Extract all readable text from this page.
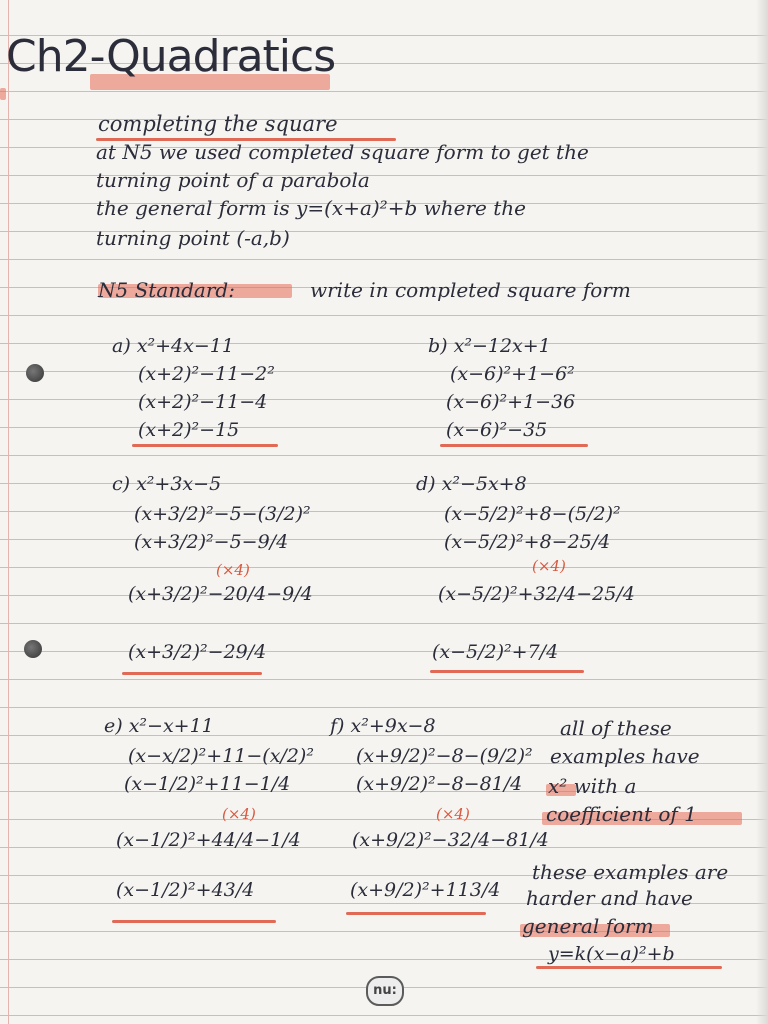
Ch2-Quadratics
completing the square
at N5 we used completed square form to get the
turning point of a parabola
the general form is y=(x+a)²+b where the
turning point (-a,b)
N5 Standard:	write in completed square form
a) x²+4x−11
(x+2)²−11−2²
(x+2)²−11−4
(x+2)²−15
b) x²−12x+1
(x−6)²+1−6²
(x−6)²+1−36
(x−6)²−35
c) x²+3x−5
(x+3/2)²−5−(3/2)²
(x+3/2)²−5−9/4
(×4)
(x+3/2)²−20/4−9/4
(x+3/2)²−29/4
d) x²−5x+8
(x−5/2)²+8−(5/2)²
(x−5/2)²+8−25/4
(×4)
(x−5/2)²+32/4−25/4
(x−5/2)²+7/4
e) x²−x+11
(x−x/2)²+11−(x/2)²
(x−1/2)²+11−1/4
(×4)
(x−1/2)²+44/4−1/4
(x−1/2)²+43/4
f) x²+9x−8
(x+9/2)²−8−(9/2)²
(x+9/2)²−8−81/4
(×4)
(x+9/2)²−32/4−81/4
(x+9/2)²+113/4
all of these
examples have
x² with a
coefficient of 1
these examples are
harder and have
general form
y=k(x−a)²+b
nu:
